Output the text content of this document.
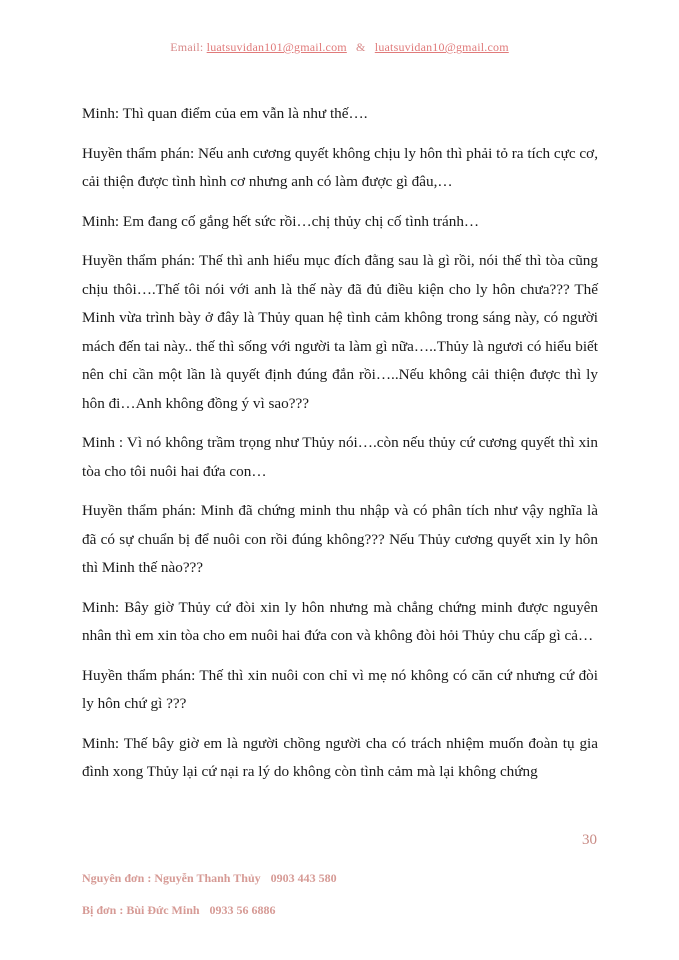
Email: luatsuvidan101@gmail.com & luatsuvidan10@gmail.com

Minh: Thì quan điểm của em vẫn là như thế….

Huyền thẩm phán: Nếu anh cương quyết không chịu ly hôn thì phải tỏ ra tích cực cơ, cải thiện được tình hình cơ nhưng anh có làm được gì đâu,…

Minh: Em đang cố gắng hết sức rồi…chị thủy chị cố tình tránh…

Huyền thẩm phán: Thế thì anh hiểu mục đích đằng sau là gì rồi, nói thế thì tòa cũng chịu thôi….Thế tôi nói với anh là thế này đã đủ điều kiện cho ly hôn chưa??? Thế Minh vừa trình bày ở đây là Thủy quan hệ tình cảm không trong sáng này, có người mách đến tai này.. thế thì sống với người ta làm gì nữa…..Thủy là ngươi có hiểu biết nên chỉ cần một lần là quyết định đúng đắn rồi…..Nếu không cải thiện được thì ly hôn đi…Anh không đồng ý vì sao???

Minh : Vì nó không trầm trọng như Thủy nói….còn nếu thủy cứ cương quyết thì xin tòa cho tôi nuôi hai đứa con…

Huyền thẩm phán: Minh đã chứng minh thu nhập và có phân tích như vậy nghĩa là đã có sự chuẩn bị để nuôi con rồi đúng không??? Nếu Thủy cương quyết xin ly hôn thì Minh thế nào???

Minh: Bây giờ Thủy cứ đòi xin ly hôn nhưng mà chẳng chứng minh được nguyên nhân thì em xin tòa cho em nuôi hai đứa con và không đòi hỏi Thủy chu cấp gì cả…

Huyền thẩm phán: Thế thì xin nuôi con chỉ vì mẹ nó không có căn cứ nhưng cứ đòi ly hôn chứ gì ???

Minh: Thế bây giờ em là người chồng người cha có trách nhiệm muốn đoàn tụ gia đình xong Thủy lại cứ nại ra lý do không còn tình cảm mà lại không chứng

30
Nguyên đơn : Nguyễn Thanh Thủy 0903 443 580
Bị đơn : Bùi Đức Minh 0933 56 6886
